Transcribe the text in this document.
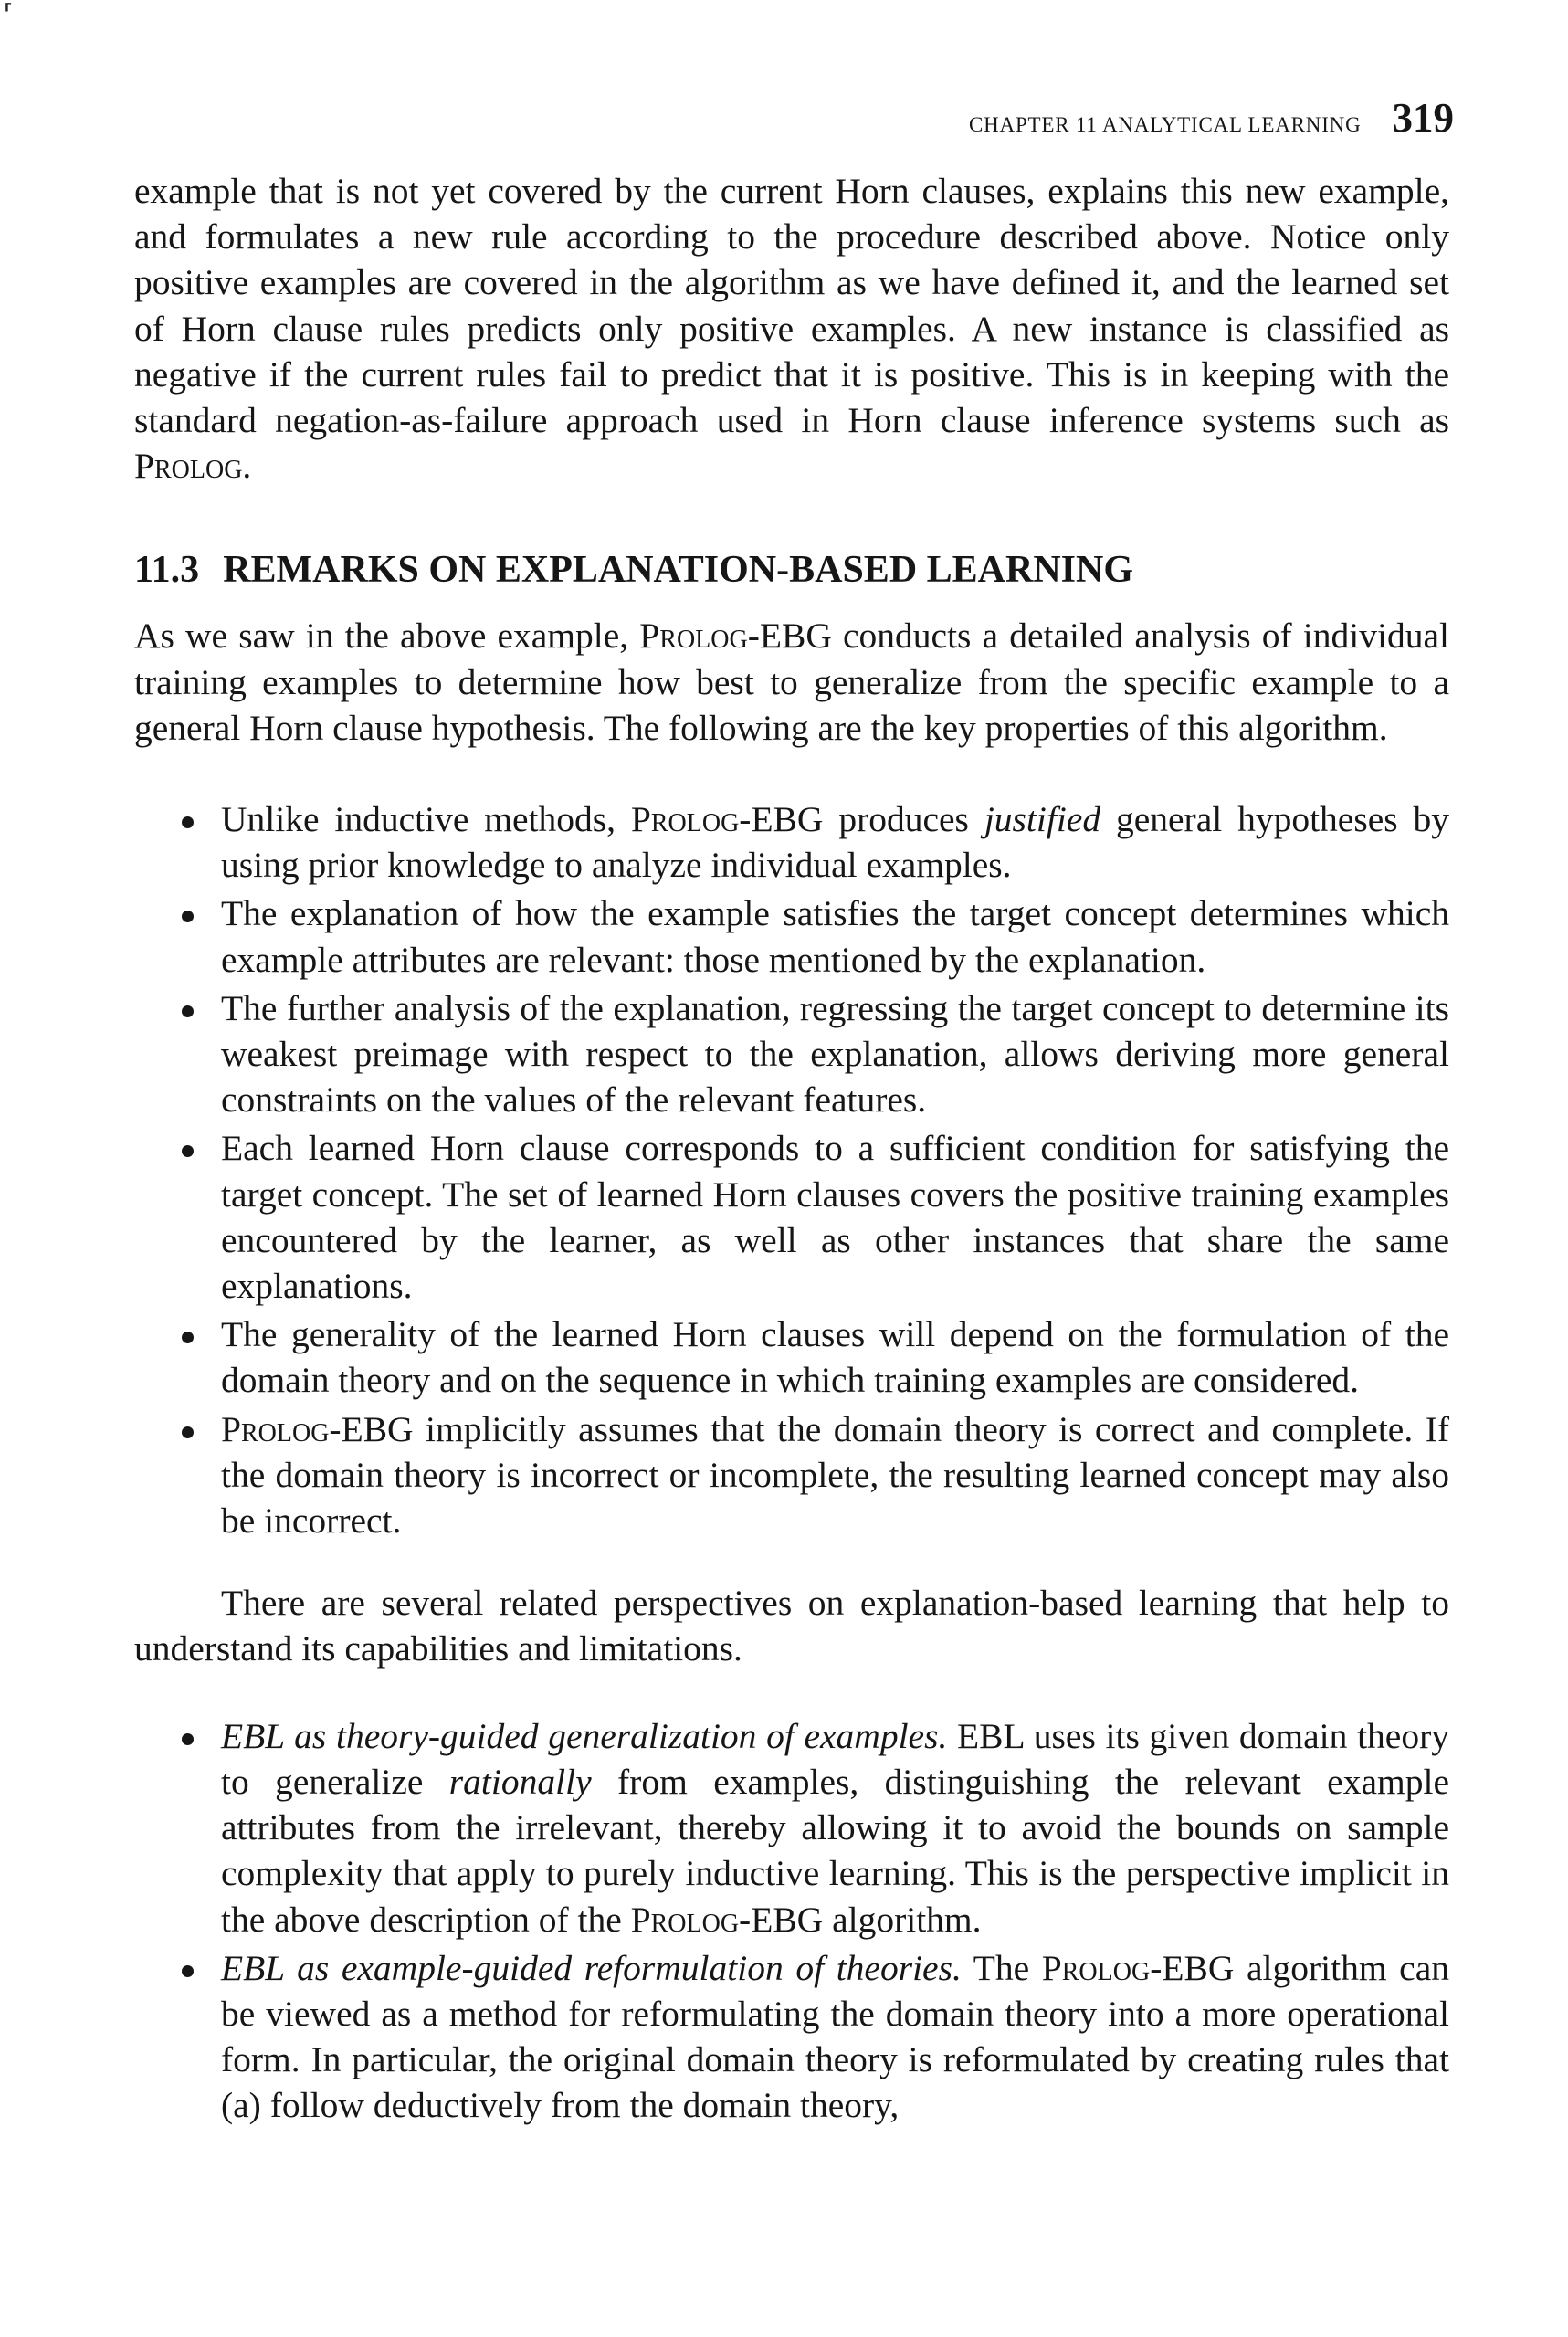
⸢
CHAPTER 11 ANALYTICAL LEARNING 319

example that is not yet covered by the current Horn clauses, explains this new example, and formulates a new rule according to the procedure described above. Notice only positive examples are covered in the algorithm as we have defined it, and the learned set of Horn clause rules predicts only positive examples. A new instance is classified as negative if the current rules fail to predict that it is positive. This is in keeping with the standard negation-as-failure approach used in Horn clause inference systems such as Prolog.

11.3 REMARKS ON EXPLANATION-BASED LEARNING

As we saw in the above example, Prolog-EBG conducts a detailed analysis of individual training examples to determine how best to generalize from the specific example to a general Horn clause hypothesis. The following are the key properties of this algorithm.

Unlike inductive methods, Prolog-EBG produces justified general hypotheses by using prior knowledge to analyze individual examples.
The explanation of how the example satisfies the target concept determines which example attributes are relevant: those mentioned by the explanation.
The further analysis of the explanation, regressing the target concept to determine its weakest preimage with respect to the explanation, allows deriving more general constraints on the values of the relevant features.
Each learned Horn clause corresponds to a sufficient condition for satisfying the target concept. The set of learned Horn clauses covers the positive training examples encountered by the learner, as well as other instances that share the same explanations.
The generality of the learned Horn clauses will depend on the formulation of the domain theory and on the sequence in which training examples are considered.
Prolog-EBG implicitly assumes that the domain theory is correct and complete. If the domain theory is incorrect or incomplete, the resulting learned concept may also be incorrect.

There are several related perspectives on explanation-based learning that help to understand its capabilities and limitations.

EBL as theory-guided generalization of examples. EBL uses its given domain theory to generalize rationally from examples, distinguishing the relevant example attributes from the irrelevant, thereby allowing it to avoid the bounds on sample complexity that apply to purely inductive learning. This is the perspective implicit in the above description of the Prolog-EBG algorithm.
EBL as example-guided reformulation of theories. The Prolog-EBG algorithm can be viewed as a method for reformulating the domain theory into a more operational form. In particular, the original domain theory is reformulated by creating rules that (a) follow deductively from the domain theory,
